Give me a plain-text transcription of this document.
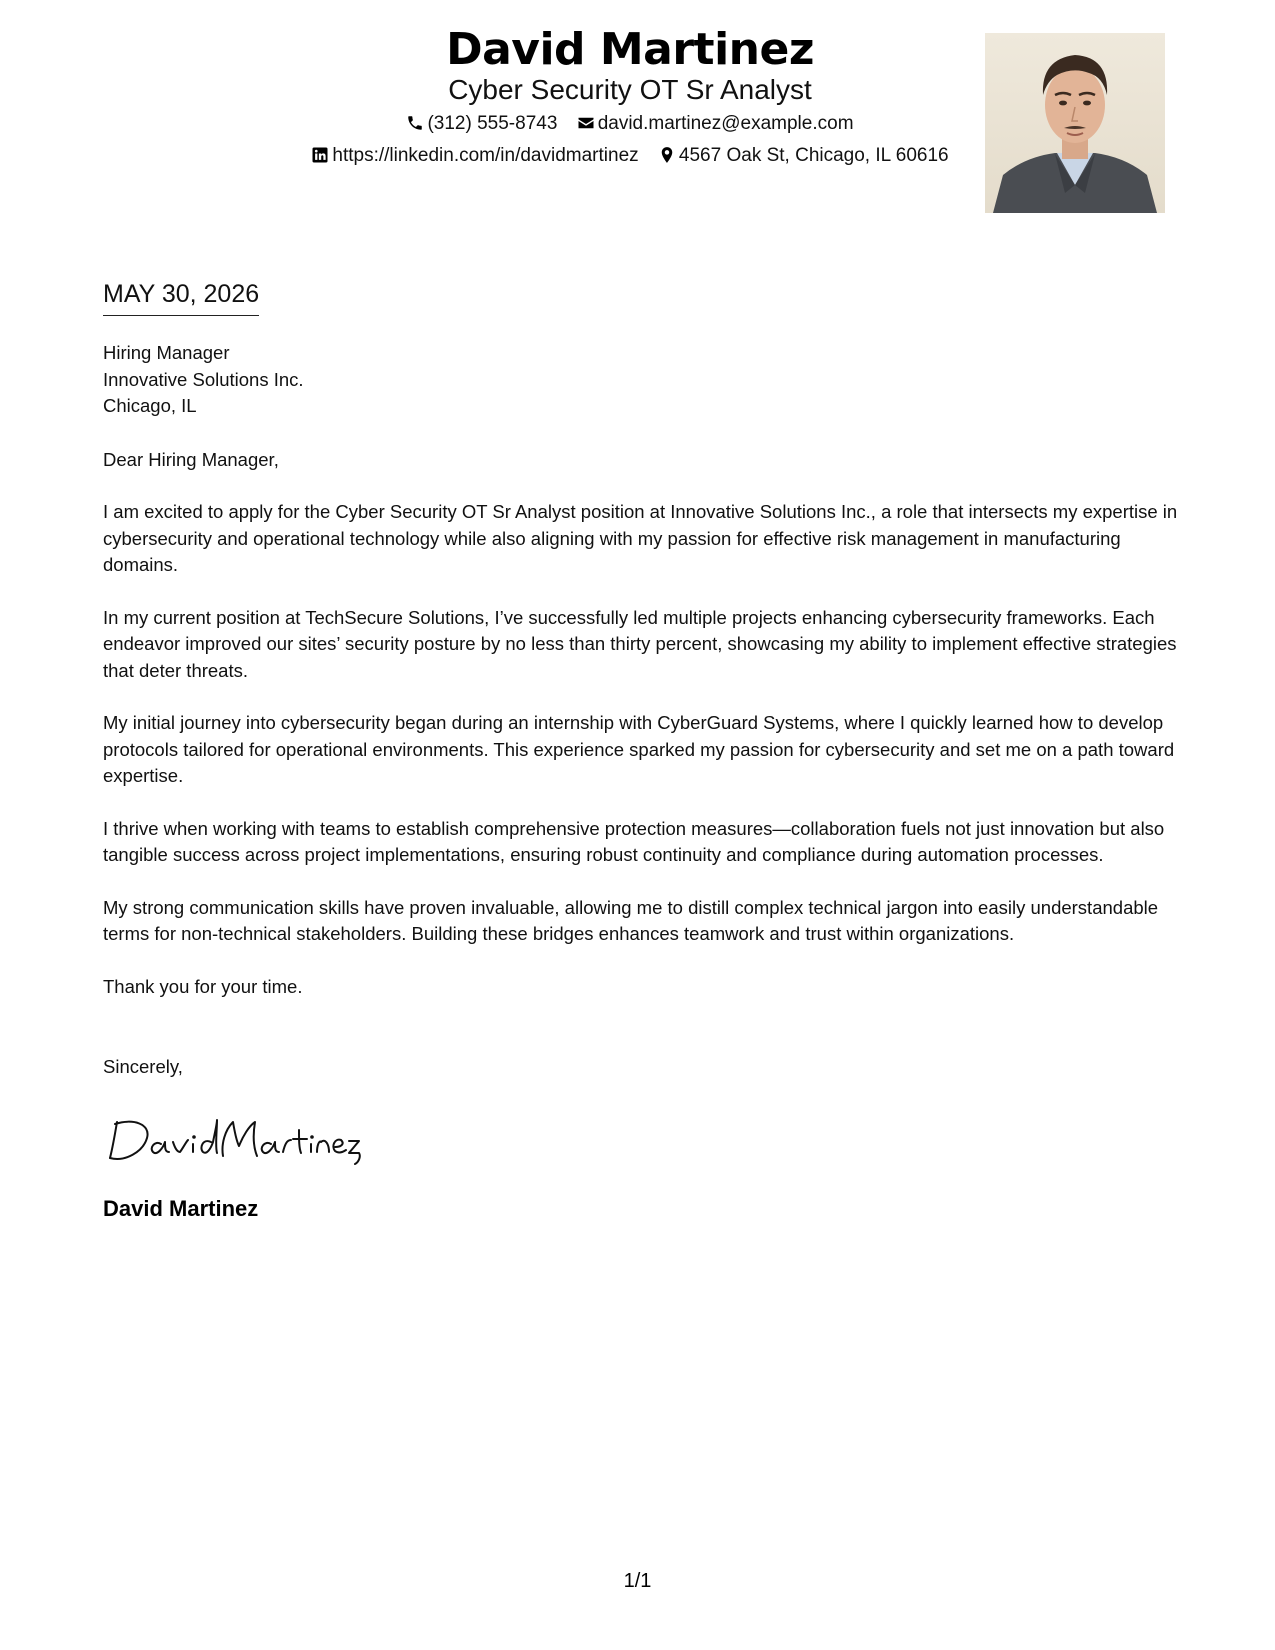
David Martinez
Cyber Security OT Sr Analyst
(312) 555-8743 david.martinez@example.com
https://linkedin.com/in/davidmartinez 4567 Oak St, Chicago, IL 60616
MAY 30, 2026

Hiring Manager

Innovative Solutions Inc.

Chicago, IL

Dear Hiring Manager,

I am excited to apply for the Cyber Security OT Sr Analyst position at Innovative Solutions Inc., a role that intersects my expertise in cybersecurity and operational technology while also aligning with my passion for effective risk management in manufacturing domains.

In my current position at TechSecure Solutions, I’ve successfully led multiple projects enhancing cybersecurity frameworks. Each endeavor improved our sites’ security posture by no less than thirty percent, showcasing my ability to implement effective strategies that deter threats.

My initial journey into cybersecurity began during an internship with CyberGuard Systems, where I quickly learned how to develop protocols tailored for operational environments. This experience sparked my passion for cybersecurity and set me on a path toward expertise.

I thrive when working with teams to establish comprehensive protection measures—collaboration fuels not just innovation but also tangible success across project implementations, ensuring robust continuity and compliance during automation processes.

My strong communication skills have proven invaluable, allowing me to distill complex technical jargon into easily understandable terms for non-technical stakeholders. Building these bridges enhances teamwork and trust within organizations.

Thank you for your time.

Sincerely,
David Martinez
1/1
